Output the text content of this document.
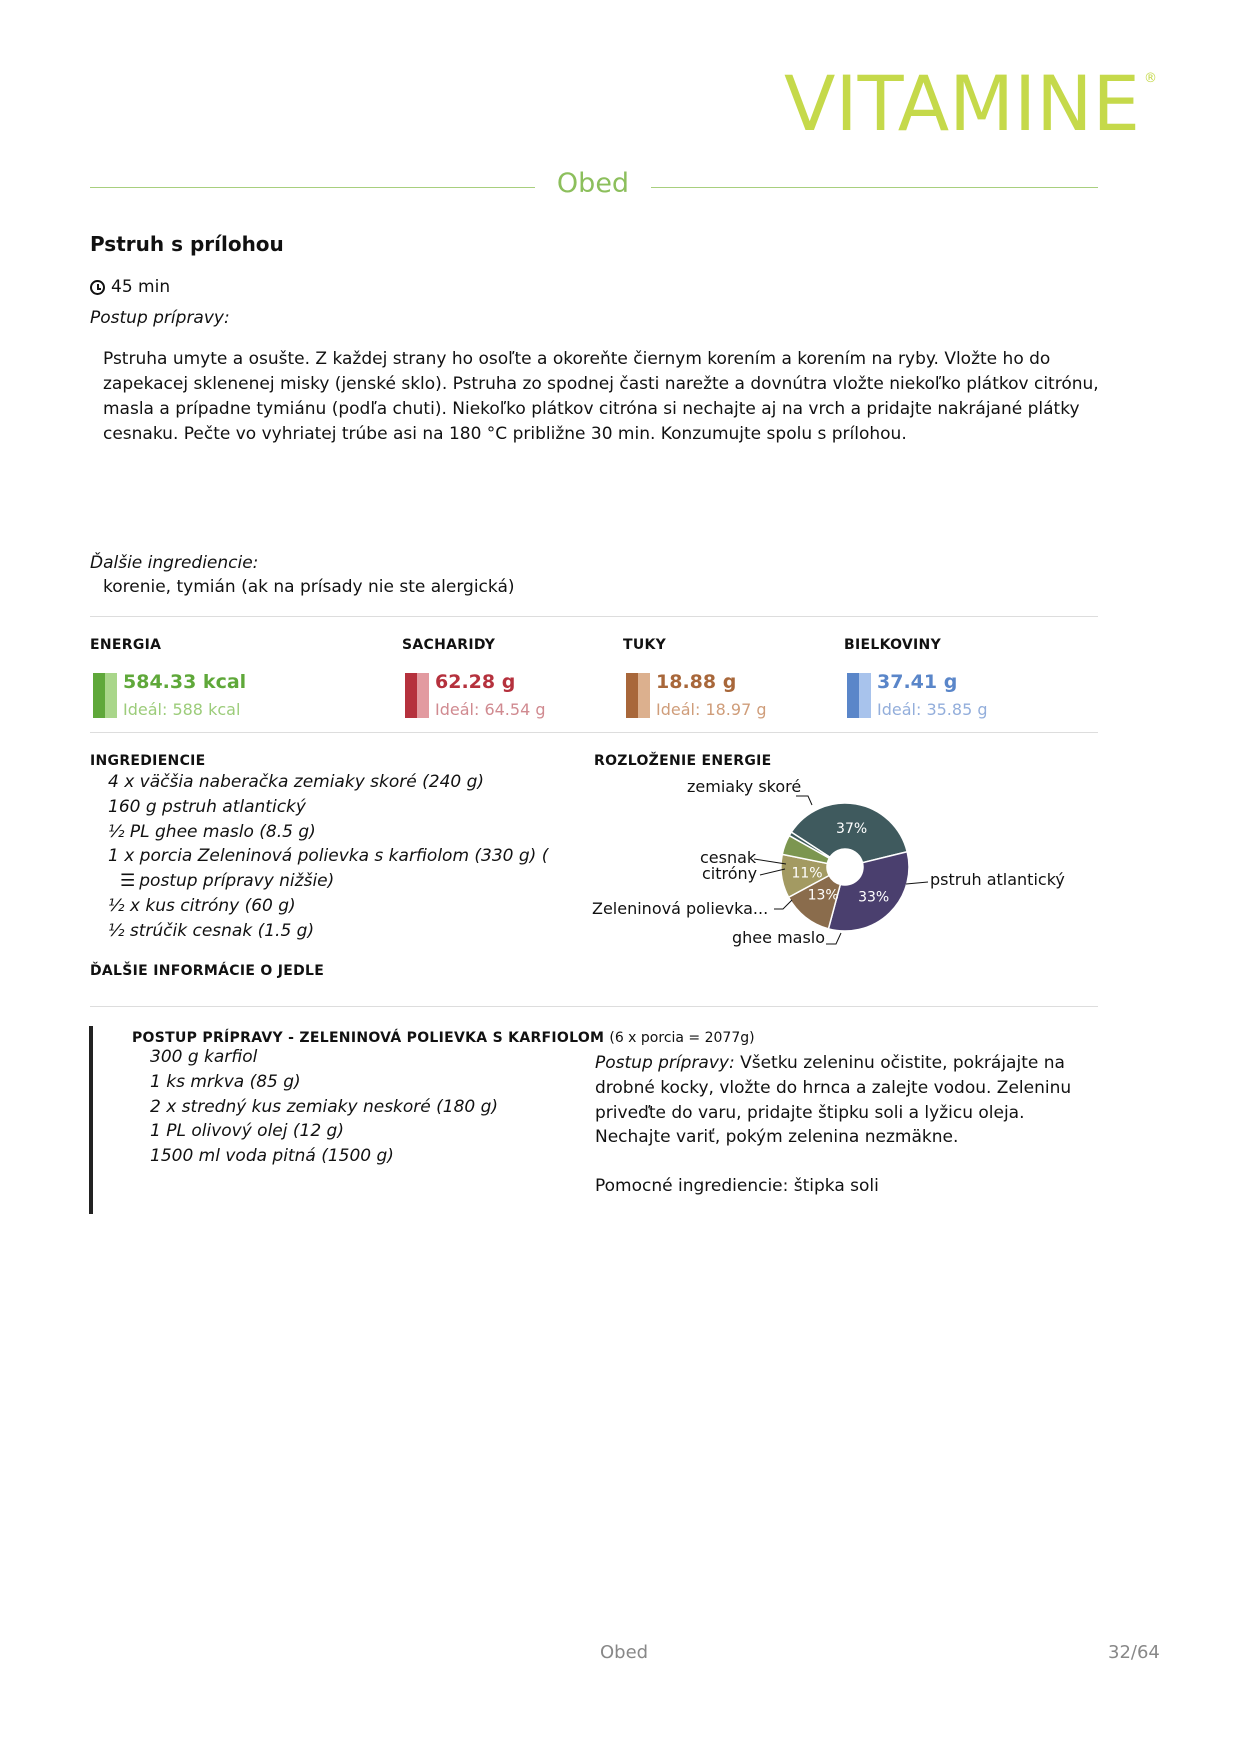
VITAMINE ®
Obed
Pstruh s prílohou
45 min
Postup prípravy:
Pstruha umyte a osušte. Z každej strany ho osoľte a okoreňte čiernym korením a korením na ryby. Vložte ho do zapekacej sklenenej misky (jenské sklo). Pstruha zo spodnej časti narežte a dovnútra vložte niekoľko plátkov citrónu, masla a prípadne tymiánu (podľa chuti). Niekoľko plátkov citróna si nechajte aj na vrch a pridajte nakrájané plátky cesnaku. Pečte vo vyhriatej trúbe asi na 180 °C približne 30 min. Konzumujte spolu s prílohou.
Ďalšie ingrediencie:
korenie, tymián (ak na prísady nie ste alergická)
ENERGIA
584.33 kcal
Ideál: 588 kcal
SACHARIDY
62.28 g
Ideál: 64.54 g
TUKY
18.88 g
Ideál: 18.97 g
BIELKOVINY
37.41 g
Ideál: 35.85 g
INGREDIENCIE
4 x väčšia naberačka zemiaky skoré (240 g)
160 g pstruh atlantický
½ PL ghee maslo (8.5 g)
1 x porcia Zeleninová polievka s karfiolom (330 g) (
☰ postup prípravy nižšie)
½ x kus citróny (60 g)
½ strúčik cesnak (1.5 g)
ROZLOŽENIE ENERGIE
37%
33%
13%
11%
zemiaky skoré
pstruh atlantický
ghee maslo
Zeleninová polievka...
citróny
cesnak
ĎALŠIE INFORMÁCIE O JEDLE
POSTUP PRÍPRAVY - ZELENINOVÁ POLIEVKA S KARFIOLOM (6 x porcia = 2077g)
300 g karfiol
1 ks mrkva (85 g)
2 x stredný kus zemiaky neskoré (180 g)
1 PL olivový olej (12 g)
1500 ml voda pitná (1500 g)
Postup prípravy: Všetku zeleninu očistite, pokrájajte na
drobné kocky, vložte do hrnca a zalejte vodou. Zeleninu
priveďte do varu, pridajte štipku soli a lyžicu oleja.
Nechajte variť, pokým zelenina nezmäkne.
Pomocné ingrediencie: štipka soli
Obed	32/64
